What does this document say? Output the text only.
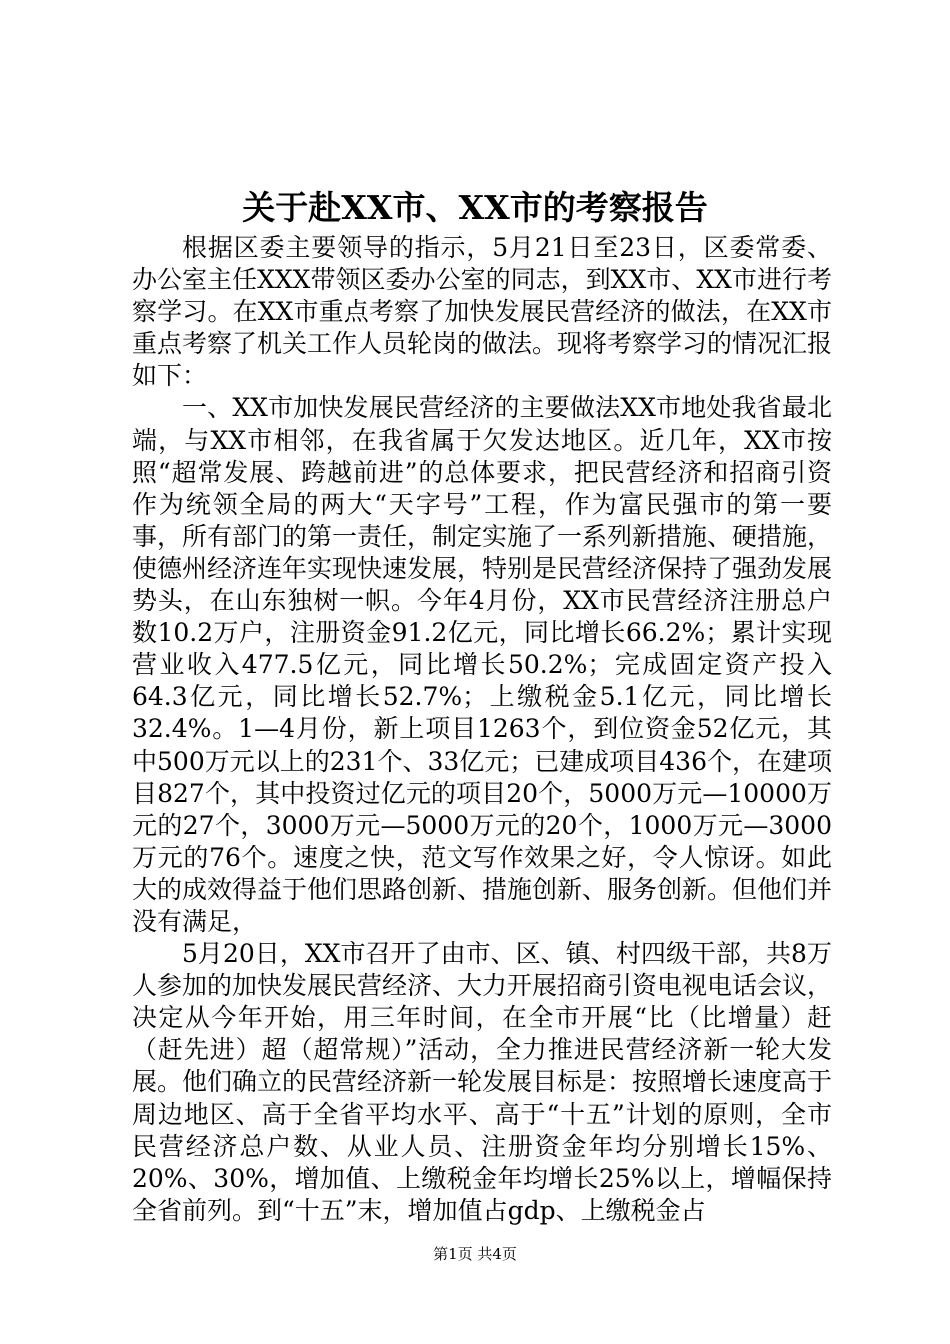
关于赴XX市、XX市的考察报告

根据区委主要领导的指示，5月21日至23日，区委常委、办公室主任XXX带领区委办公室的同志，到XX市、XX市进行考察学习。在XX市重点考察了加快发展民营经济的做法，在XX市重点考察了机关工作人员轮岗的做法。现将考察学习的情况汇报如下：

一、XX市加快发展民营经济的主要做法XX市地处我省最北端，与XX市相邻，在我省属于欠发达地区。近几年，XX市按照“超常发展、跨越前进”的总体要求，把民营经济和招商引资作为统领全局的两大“天字号”工程，作为富民强市的第一要事，所有部门的第一责任，制定实施了一系列新措施、硬措施，使德州经济连年实现快速发展，特别是民营经济保持了强劲发展势头，在山东独树一帜。今年4月份，XX市民营经济注册总户数10.2万户，注册资金91.2亿元，同比增长66.2%；累计实现营业收入477.5亿元，同比增长50.2%；完成固定资产投入64.3亿元，同比增长52.7%；上缴税金5.1亿元，同比增长32.4%。1—4月份，新上项目1263个，到位资金52亿元，其中500万元以上的231个、33亿元；已建成项目436个，在建项目827个，其中投资过亿元的项目20个，5000万元—10000万元的27个，3000万元—5000万元的20个，1000万元—3000万元的76个。速度之快，范文写作效果之好，令人惊讶。如此大的成效得益于他们思路创新、措施创新、服务创新。但他们并没有满足，

5月20日，XX市召开了由市、区、镇、村四级干部，共8万人参加的加快发展民营经济、大力开展招商引资电视电话会议，决定从今年开始，用三年时间，在全市开展“比（比增量）赶（赶先进）超（超常规）”活动，全力推进民营经济新一轮大发展。他们确立的民营经济新一轮发展目标是：按照增长速度高于周边地区、高于全省平均水平、高于“十五”计划的原则，全市民营经济总户数、从业人员、注册资金年均分别增长15%、20%、30%，增加值、上缴税金年均增长25%以上，增幅保持全省前列。到“十五”末，增加值占gdp、上缴税金占

第1页 共4页
